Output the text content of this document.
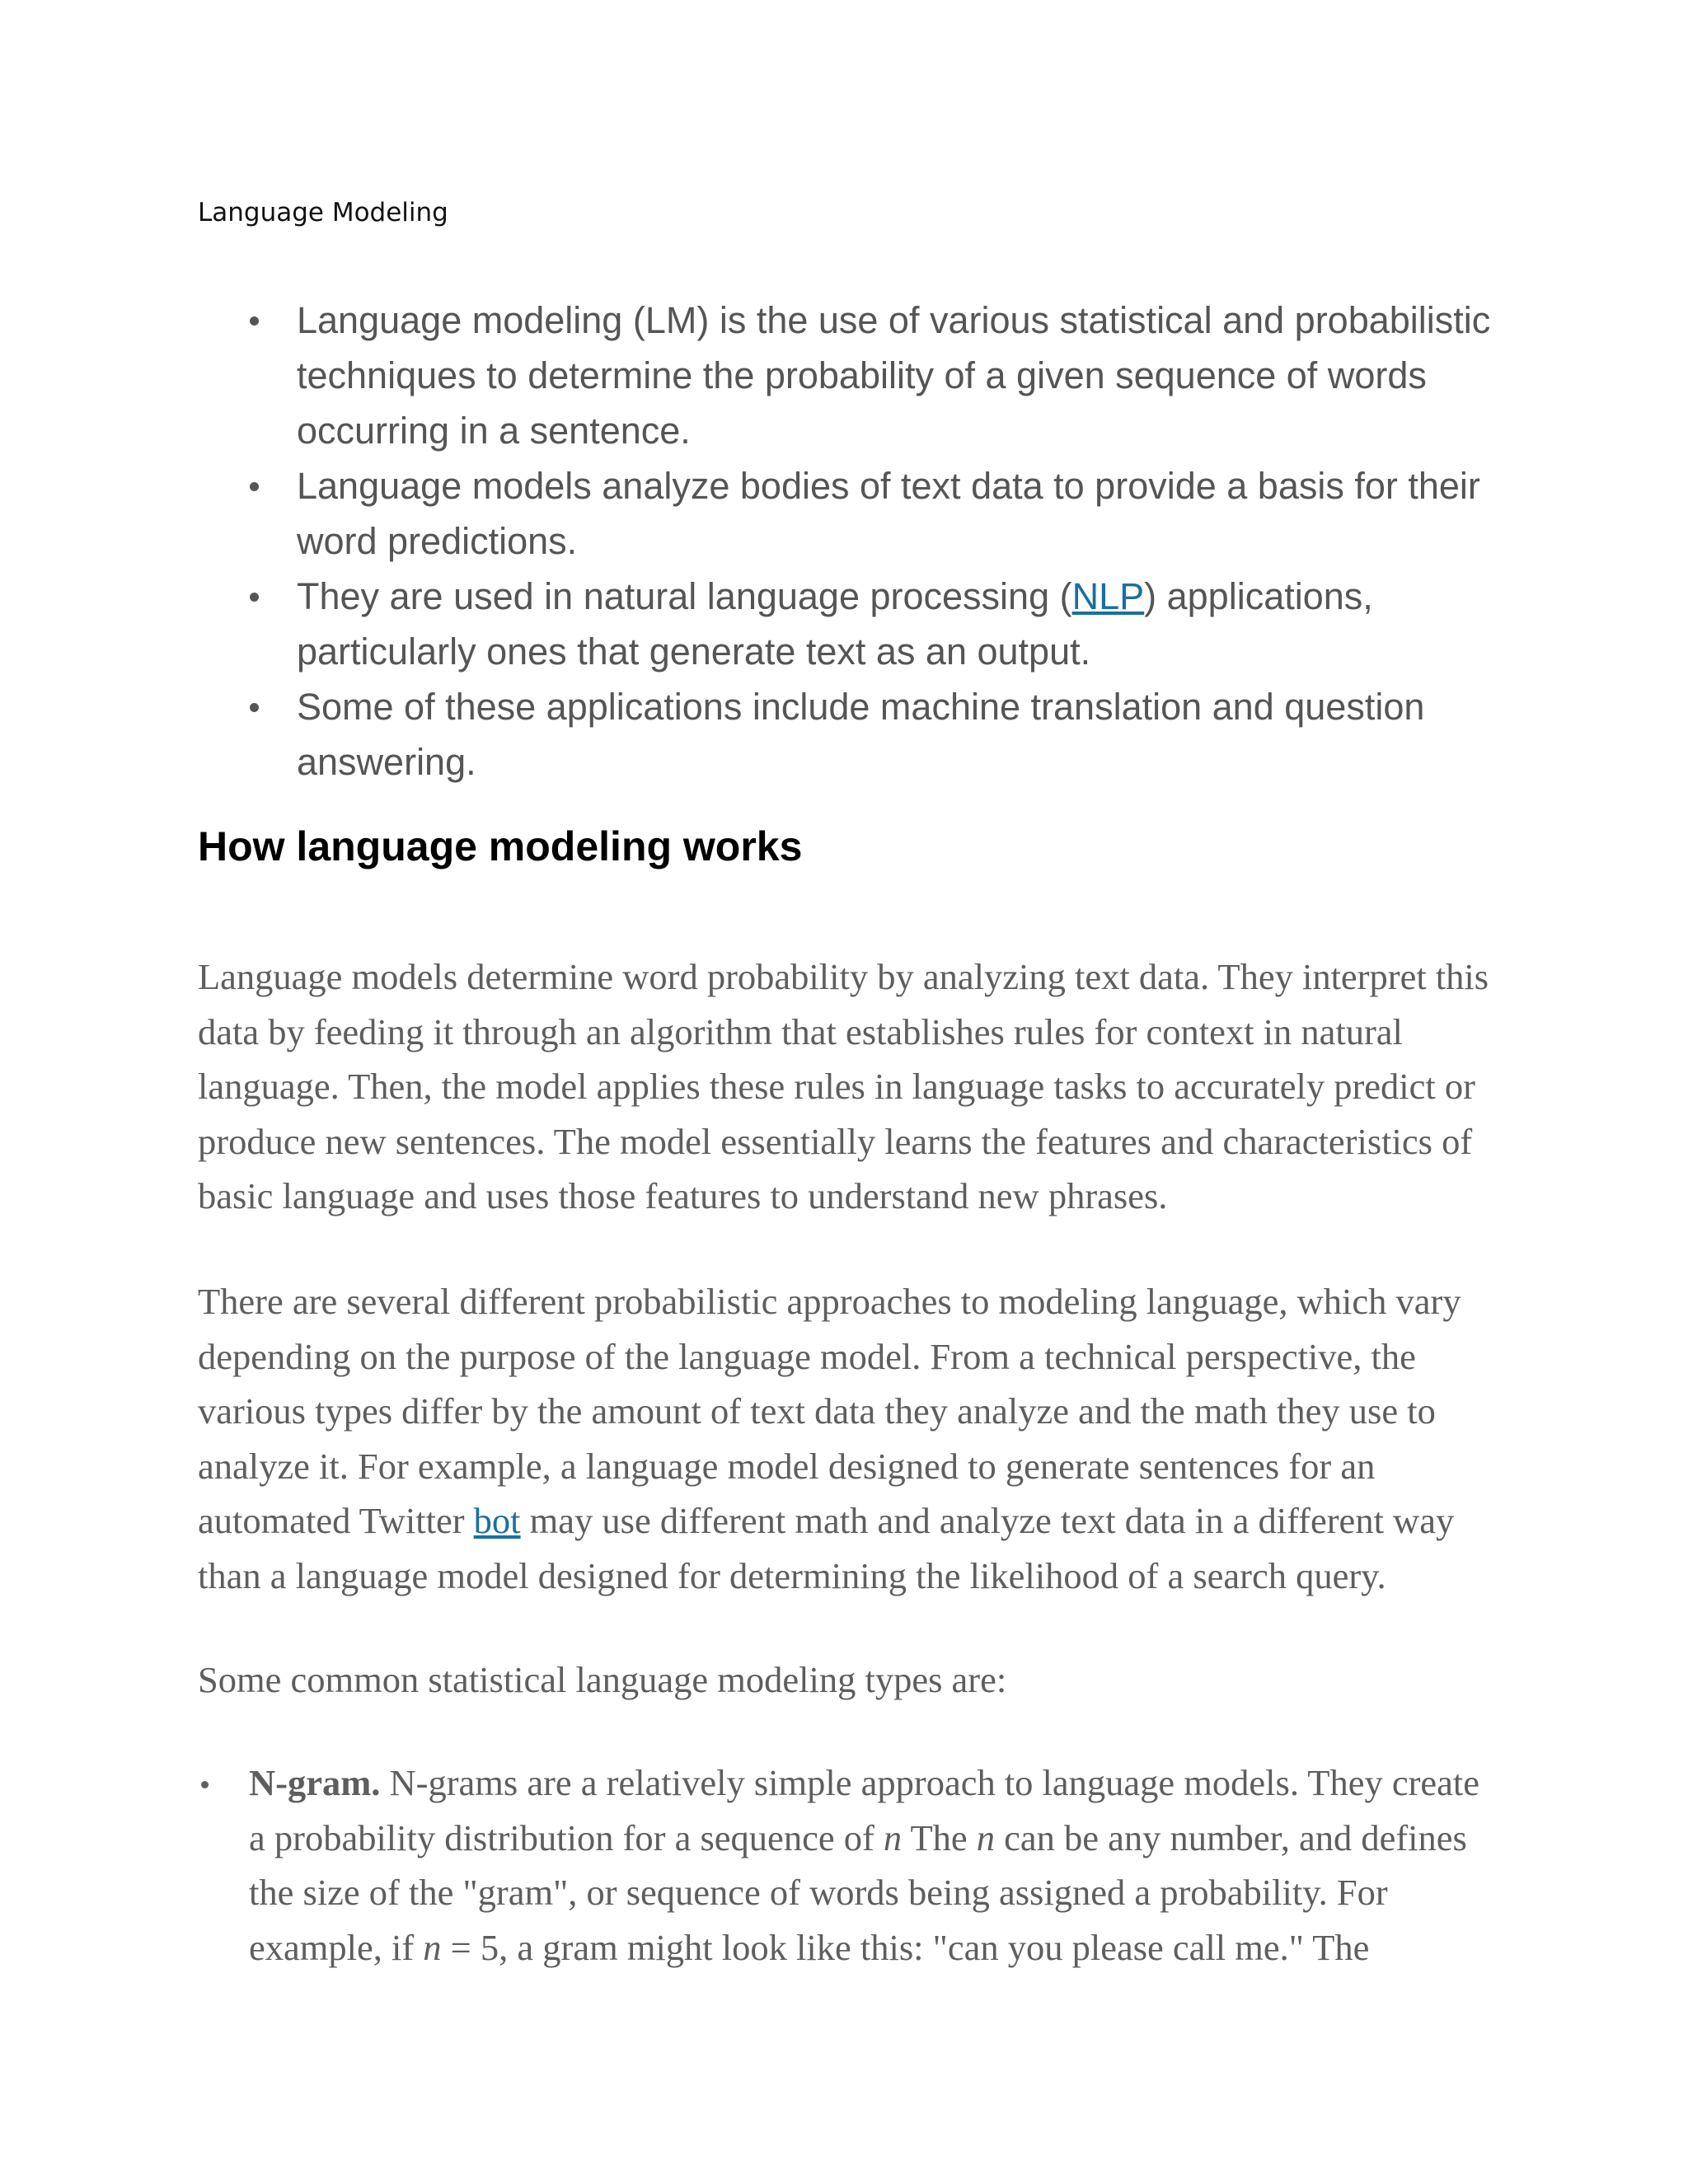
Language Modeling
Language modeling (LM) is the use of various statistical and probabilistic techniques to determine the probability of a given sequence of words occurring in a sentence.
Language models analyze bodies of text data to provide a basis for their word predictions.
They are used in natural language processing (NLP) applications, particularly ones that generate text as an output.
Some of these applications include machine translation and question answering.
How language modeling works

Language models determine word probability by analyzing text data. They interpret this data by feeding it through an algorithm that establishes rules for context in natural language. Then, the model applies these rules in language tasks to accurately predict or produce new sentences. The model essentially learns the features and characteristics of basic language and uses those features to understand new phrases.

There are several different probabilistic approaches to modeling language, which vary depending on the purpose of the language model. From a technical perspective, the various types differ by the amount of text data they analyze and the math they use to analyze it. For example, a language model designed to generate sentences for an automated Twitter bot may use different math and analyze text data in a different way than a language model designed for determining the likelihood of a search query.

Some common statistical language modeling types are:

N-gram. N-grams are a relatively simple approach to language models. They create a probability distribution for a sequence of n The n can be any number, and defines the size of the "gram", or sequence of words being assigned a probability. For example, if n = 5, a gram might look like this: "can you please call me." The
